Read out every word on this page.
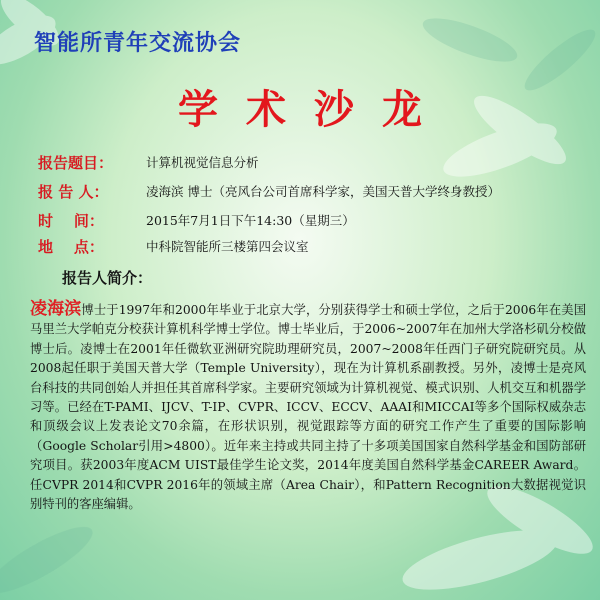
智能所青年交流协会
学术沙龙
报告题目：	计算机视觉信息分析
报 告 人：	凌海滨 博士（亮风台公司首席科学家，美国天普大学终身教授）
时    间：	2015年7月1日下午14:30（星期三）
地    点：	中科院智能所三楼第四会议室
报告人简介：

凌海滨博士于1997年和2000年毕业于北京大学，分别获得学士和硕士学位，之后于2006年在美国马里兰大学帕克分校获计算机科学博士学位。博士毕业后，于2006~2007年在加州大学洛杉矶分校做博士后。凌博士在2001年任微软亚洲研究院助理研究员，2007~2008年任西门子研究院研究员。从2008起任职于美国天普大学（Temple University），现在为计算机系副教授。另外，凌博士是亮风台科技的共同创始人并担任其首席科学家。主要研究领域为计算机视觉、模式识别、人机交互和机器学习等。已经在T-PAMI、IJCV、T-IP、CVPR、ICCV、ECCV、AAAI和MICCAI等多个国际权威杂志和顶级会议上发表论文70余篇，在形状识别，视觉跟踪等方面的研究工作产生了重要的国际影响（Google Scholar引用>4800）。近年来主持或共同主持了十多项美国国家自然科学基金和国防部研究项目。获2003年度ACM UIST最佳学生论文奖，2014年度美国自然科学基金CAREER Award。任CVPR 2014和CVPR 2016年的领域主席（Area Chair），和Pattern Recognition大数据视觉识别特刊的客座编辑。
